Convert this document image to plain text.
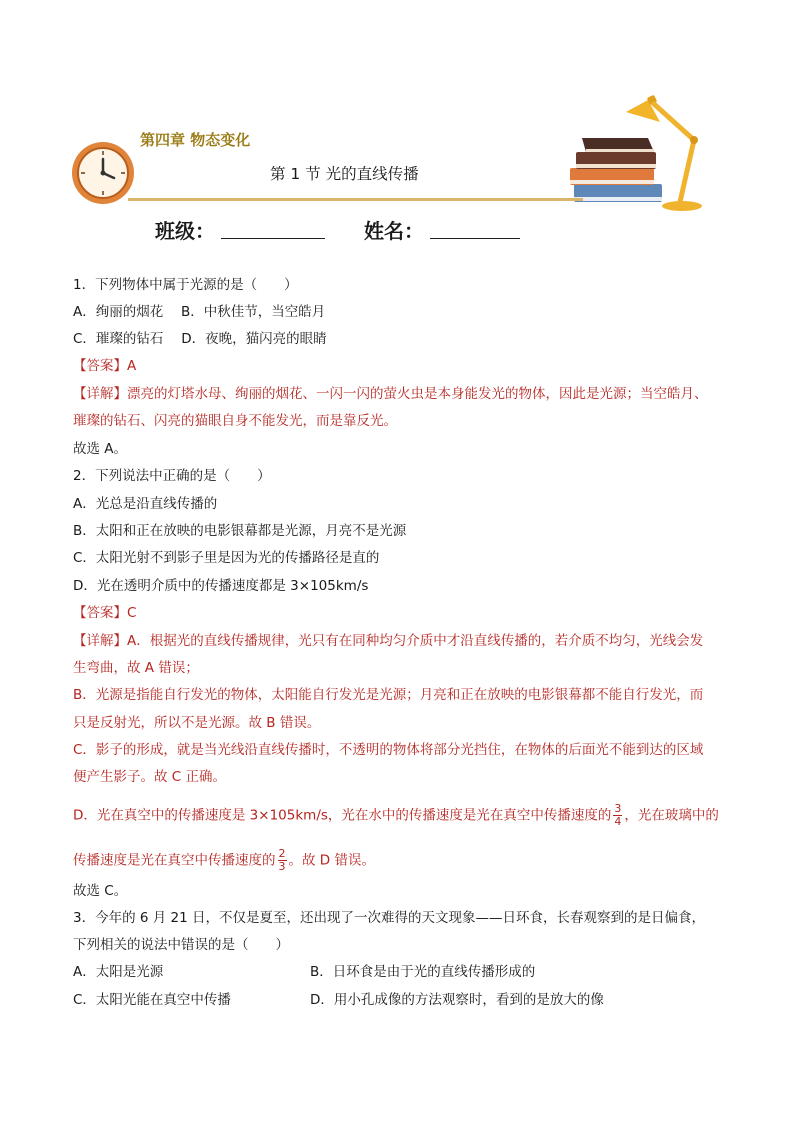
第四章 物态变化
第 1 节 光的直线传播
班级：	姓名：
1．下列物体中属于光源的是（　　）
A．绚丽的烟花　 B．中秋佳节，当空皓月
C．璀璨的钻石　 D．夜晚，猫闪亮的眼睛
【答案】A
【详解】漂亮的灯塔水母、绚丽的烟花、一闪一闪的萤火虫是本身能发光的物体，因此是光源；当空皓月、
璀璨的钻石、闪亮的猫眼自身不能发光，而是靠反光。
故选 A。
2．下列说法中正确的是（　　）
A．光总是沿直线传播的
B．太阳和正在放映的电影银幕都是光源，月亮不是光源
C．太阳光射不到影子里是因为光的传播路径是直的
D．光在透明介质中的传播速度都是 3×105km/s
【答案】C
【详解】A．根据光的直线传播规律，光只有在同种均匀介质中才沿直线传播的，若介质不均匀，光线会发
生弯曲，故 A 错误；
B．光源是指能自行发光的物体，太阳能自行发光是光源；月亮和正在放映的电影银幕都不能自行发光，而
只是反射光，所以不是光源。故 B 错误。
C．影子的形成，就是当光线沿直线传播时，不透明的物体将部分光挡住，在物体的后面光不能到达的区域
便产生影子。故 C 正确。
D．光在真空中的传播速度是 3×105km/s，光在水中的传播速度是光在真空中传播速度的 $\frac{3}{4}$ ，光在玻璃中的
传播速度是光在真空中传播速度的 $\frac{2}{3}$ 。故 D 错误。
故选 C。
3．今年的 6 月 21 日，不仅是夏至，还出现了一次难得的天文现象——日环食，长春观察到的是日偏食，
下列相关的说法中错误的是（　　）
A．太阳是光源	B．日环食是由于光的直线传播形成的
C．太阳光能在真空中传播	D．用小孔成像的方法观察时，看到的是放大的像
